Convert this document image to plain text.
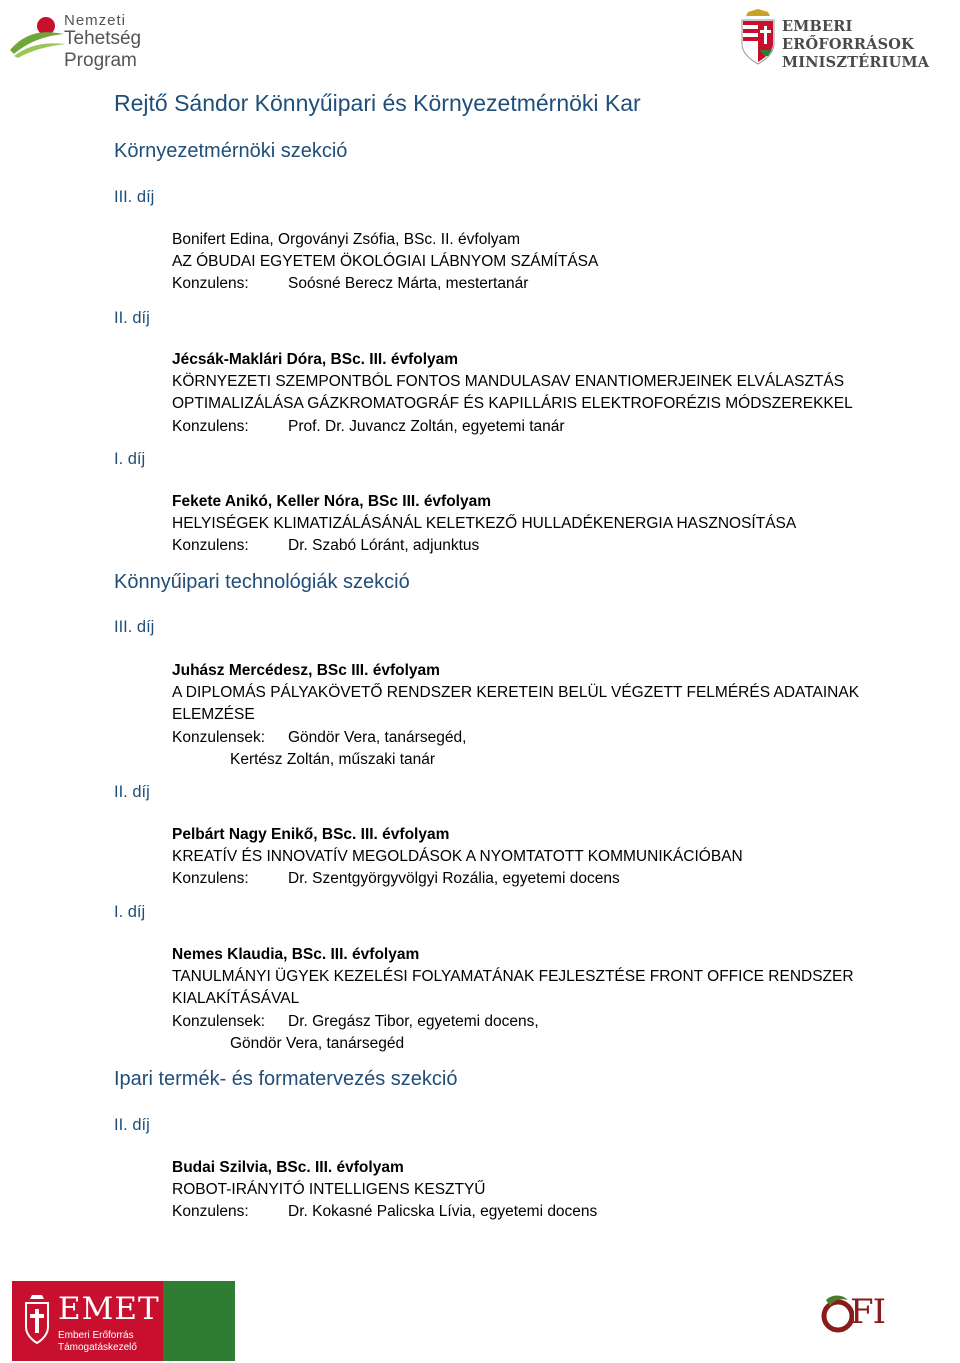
Nemzeti
Tehetség Program
EMBERI ERŐFORRÁSOK
MINISZTÉRIUMA
Rejtő Sándor Könnyűipari és Környezetmérnöki Kar
Környezetmérnöki szekció
III. díj
Bonifert Edina, Orgoványi Zsófia, BSc. II. évfolyam
AZ ÓBUDAI EGYETEM ÖKOLÓGIAI LÁBNYOM SZÁMÍTÁSA
Konzulens:	Soósné Berecz Márta, mestertanár
II. díj
Jécsák-Maklári Dóra, BSc. III. évfolyam
KÖRNYEZETI SZEMPONTBÓL FONTOS MANDULASAV ENANTIOMERJEINEK ELVÁLASZTÁS
OPTIMALIZÁLÁSA GÁZKROMATOGRÁF ÉS KAPILLÁRIS ELEKTROFORÉZIS MÓDSZEREKKEL
Konzulens:	Prof. Dr. Juvancz Zoltán, egyetemi tanár
I. díj
Fekete Anikó, Keller Nóra, BSc III. évfolyam
HELYISÉGEK KLIMATIZÁLÁSÁNÁL KELETKEZŐ HULLADÉKENERGIA HASZNOSÍTÁSA
Konzulens:	Dr. Szabó Lóránt, adjunktus
Könnyűipari technológiák szekció
III. díj
Juhász Mercédesz, BSc III. évfolyam
A DIPLOMÁS PÁLYAKÖVETŐ RENDSZER KERETEIN BELÜL VÉGZETT FELMÉRÉS ADATAINAK
ELEMZÉSE
Konzulensek: Göndör Vera, tanársegéd,
Kertész Zoltán, műszaki tanár
II. díj
Pelbárt Nagy Enikő, BSc. III. évfolyam
KREATÍV ÉS INNOVATÍV MEGOLDÁSOK A NYOMTATOTT KOMMUNIKÁCIÓBAN
Konzulens:	Dr. Szentgyörgyvölgyi Rozália, egyetemi docens
I. díj
Nemes Klaudia, BSc. III. évfolyam
TANULMÁNYI ÜGYEK KEZELÉSI FOLYAMATÁNAK FEJLESZTÉSE FRONT OFFICE RENDSZER
KIALAKÍTÁSÁVAL
Konzulensek: Dr. Gregász Tibor, egyetemi docens,
Göndör Vera, tanársegéd
Ipari termék- és formatervezés szekció
II. díj
Budai Szilvia, BSc. III. évfolyam
ROBOT-IRÁNYITÓ INTELLIGENS KESZTYŰ
Konzulens:	Dr. Kokasné Palicska Lívia, egyetemi docens
EMET
Emberi Erőforrás
Támogatáskezelő
FI
